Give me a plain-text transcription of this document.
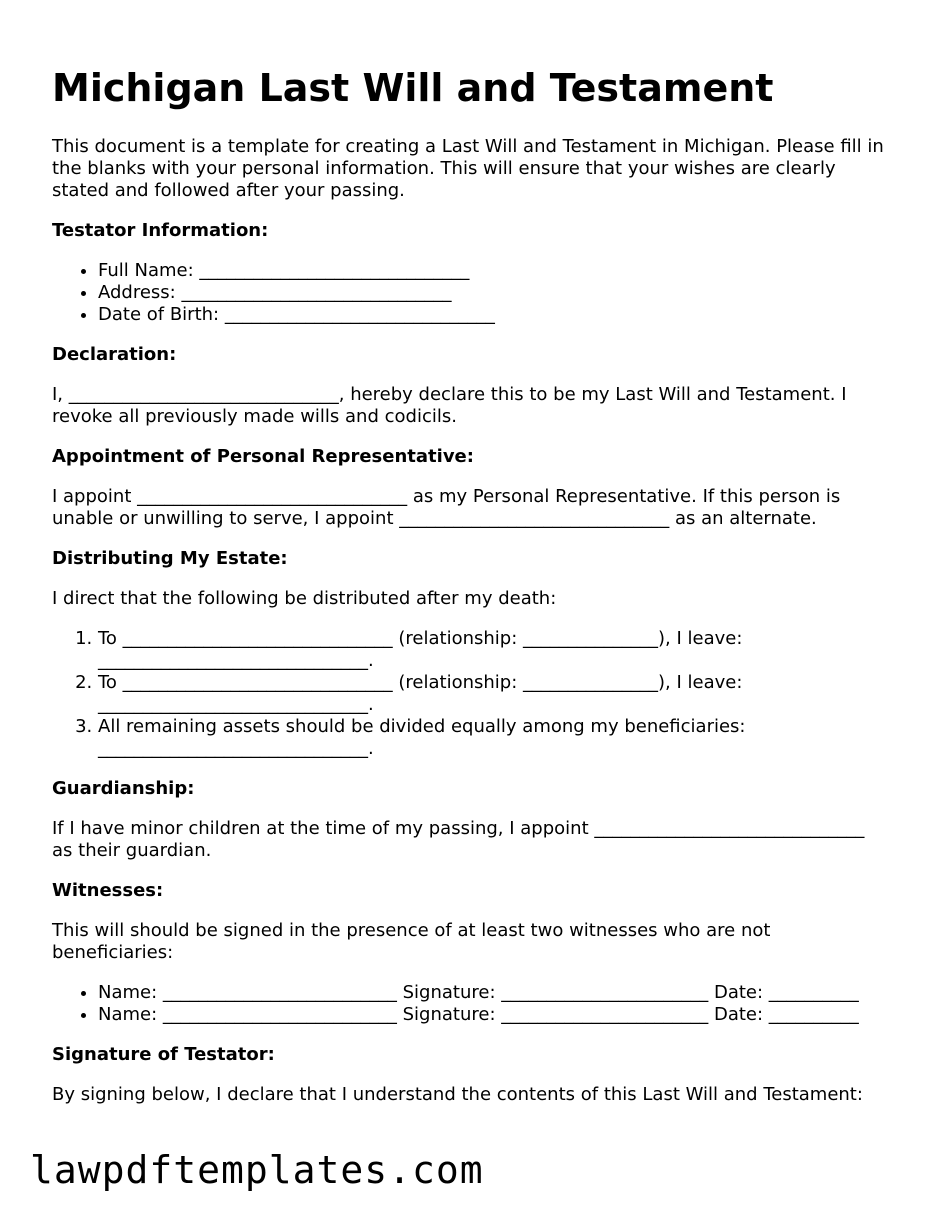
Michigan Last Will and Testament

This document is a template for creating a Last Will and Testament in Michigan. Please fill in the blanks with your personal information. This will ensure that your wishes are clearly stated and followed after your passing.

Testator Information:
• Full Name: ______________________________
• Address: ______________________________
• Date of Birth: ______________________________
Declaration:

I, ______________________________, hereby declare this to be my Last Will and Testament. I revoke all previously made wills and codicils.

Appointment of Personal Representative:

I appoint ______________________________ as my Personal Representative. If this person is unable or unwilling to serve, I appoint ______________________________ as an alternate.

Distributing My Estate:

I direct that the following be distributed after my death:

1. To ______________________________ (relationship: _______________), I leave: ______________________________.
2. To ______________________________ (relationship: _______________), I leave: ______________________________.
3. All remaining assets should be divided equally among my beneficiaries: ______________________________.
Guardianship:

If I have minor children at the time of my passing, I appoint ______________________________ as their guardian.

Witnesses:

This will should be signed in the presence of at least two witnesses who are not beneficiaries:

• Name: __________________________ Signature: _______________________ Date: __________
• Name: __________________________ Signature: _______________________ Date: __________
Signature of Testator:

By signing below, I declare that I understand the contents of this Last Will and Testament:

lawpdftemplates.com
